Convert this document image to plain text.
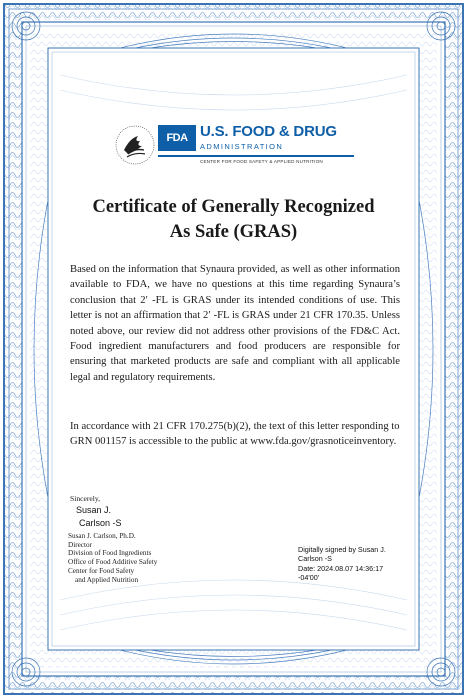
FDA U.S. FOOD & DRUG
ADMINISTRATION
CENTER FOR FOOD SAFETY & APPLIED NUTRITION
Certificate of Generally Recognized
As Safe (GRAS)

Based on the information that Synaura provided, as well as other information available to FDA, we have no questions at this time regarding Synaura’s conclusion that 2′ -FL is GRAS under its intended conditions of use. This letter is not an affirmation that 2′ -FL is GRAS under 21 CFR 170.35. Unless noted above, our review did not address other provisions of the FD&C Act. Food ingredient manufacturers and food producers are responsible for ensuring that marketed products are safe and compliant with all applicable legal and regulatory requirements.

In accordance with 21 CFR 170.275(b)(2), the text of this letter responding to GRN 001157 is accessible to the public at www.fda.gov/grasnoticeinventory.

Sincerely,
Susan J.
Carlson -S
Susan J. Carlson, Ph.D.
Director
Division of Food Ingredients
Office of Food Additive Safety
Center for Food Safety
and Applied Nutrition
Digitally signed by Susan J.
Carlson -S
Date: 2024.08.07 14:36:17
-04'00'
